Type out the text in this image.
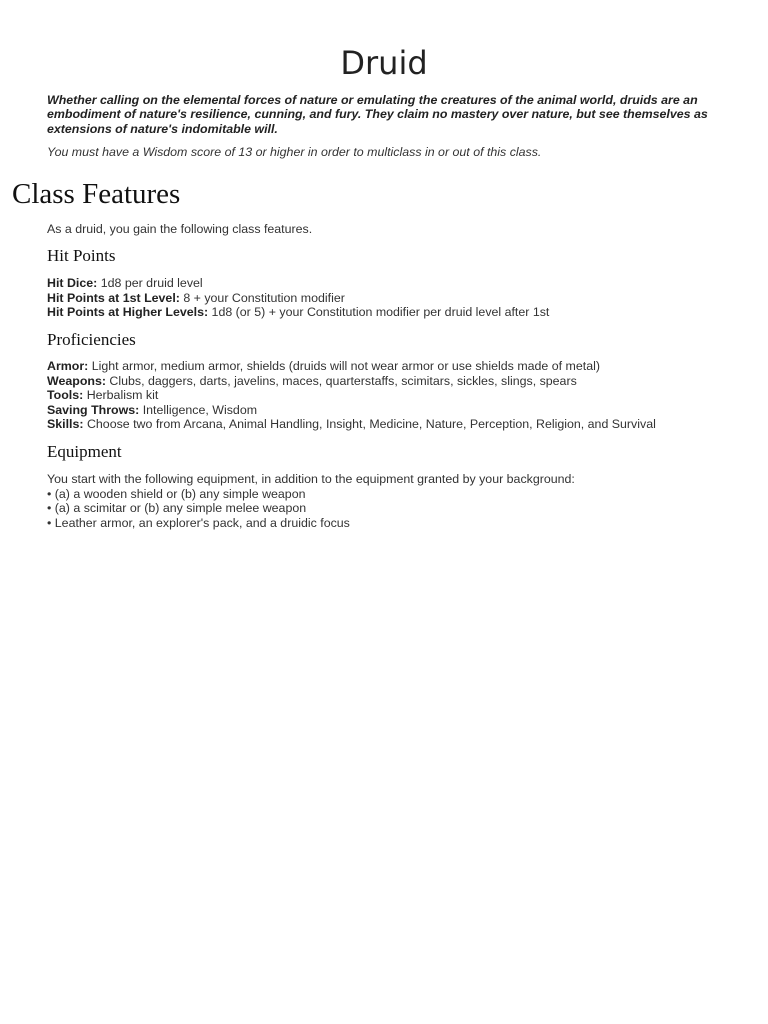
Druid

Whether calling on the elemental forces of nature or emulating the creatures of the animal world, druids are an embodiment of nature's resilience, cunning, and fury. They claim no mastery over nature, but see themselves as extensions of nature's indomitable will.

You must have a Wisdom score of 13 or higher in order to multiclass in or out of this class.

Class Features
As a druid, you gain the following class features.
Hit Points
Hit Dice: 1d8 per druid level
Hit Points at 1st Level: 8 + your Constitution modifier
Hit Points at Higher Levels: 1d8 (or 5) + your Constitution modifier per druid level after 1st
Proficiencies
Armor: Light armor, medium armor, shields (druids will not wear armor or use shields made of metal)
Weapons: Clubs, daggers, darts, javelins, maces, quarterstaffs, scimitars, sickles, slings, spears
Tools: Herbalism kit
Saving Throws: Intelligence, Wisdom
Skills: Choose two from Arcana, Animal Handling, Insight, Medicine, Nature, Perception, Religion, and Survival
Equipment
You start with the following equipment, in addition to the equipment granted by your background:
• (a) a wooden shield or (b) any simple weapon
• (a) a scimitar or (b) any simple melee weapon
• Leather armor, an explorer's pack, and a druidic focus
